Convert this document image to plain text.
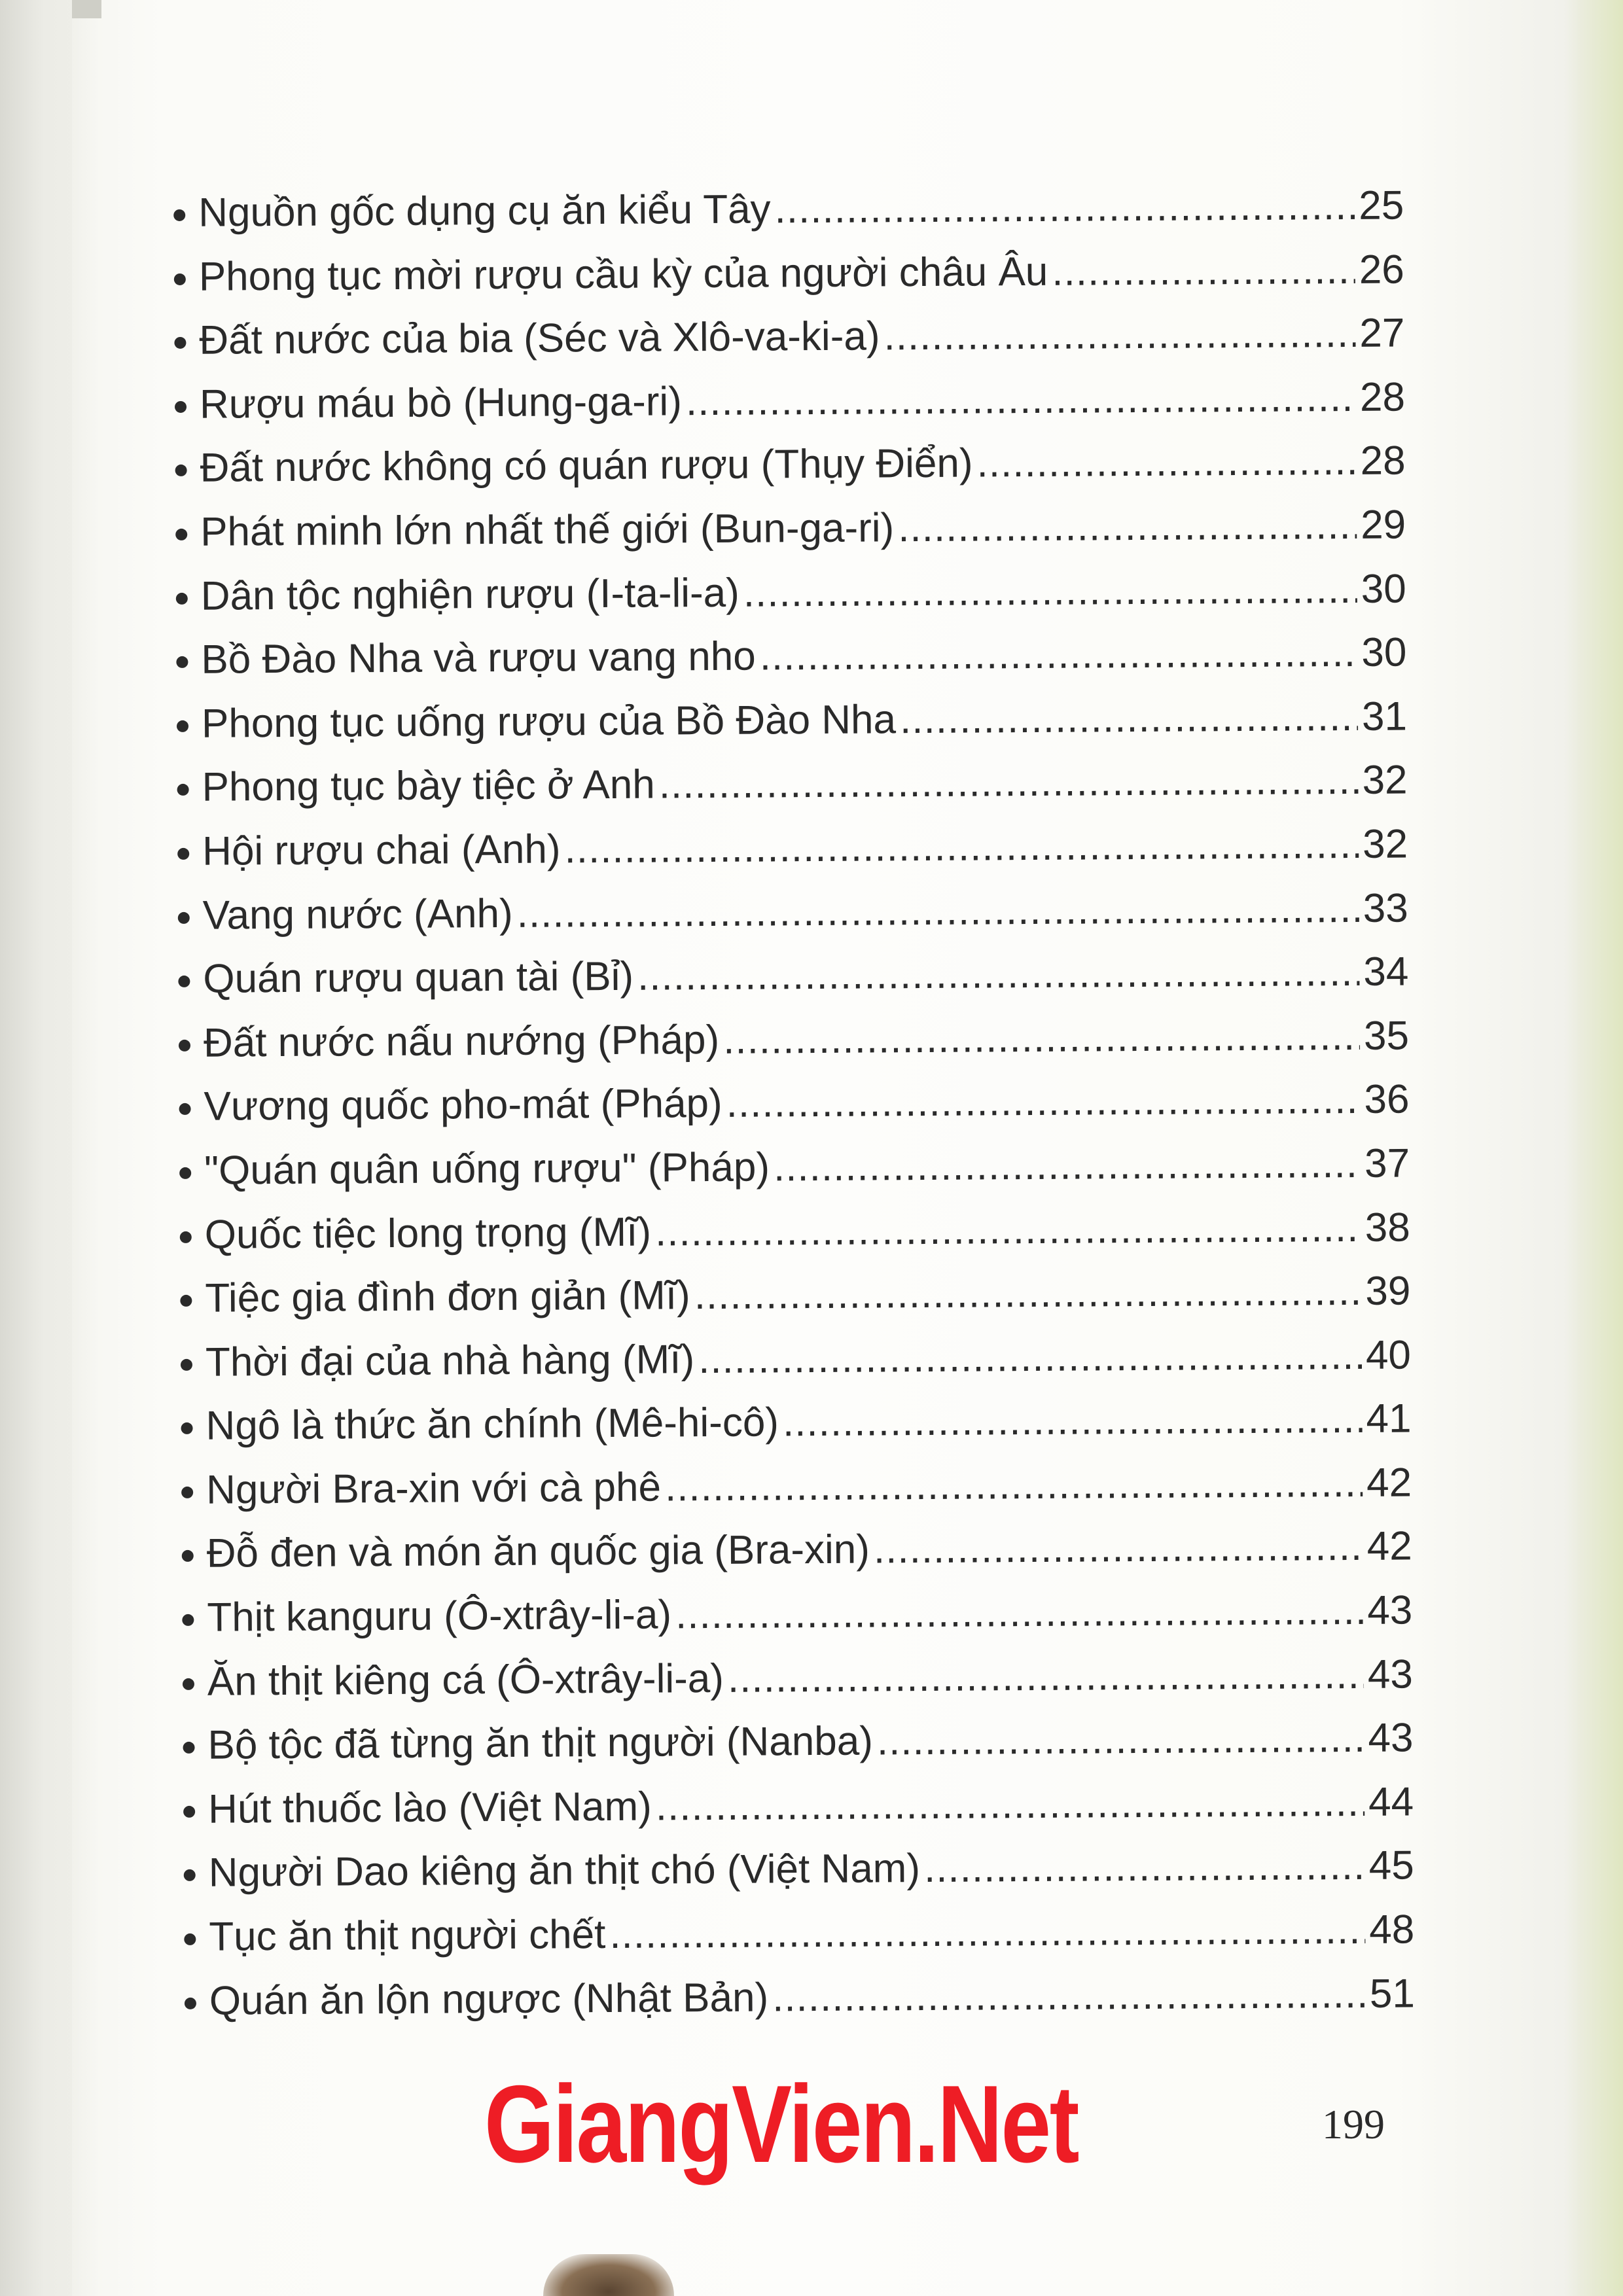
Nguồn gốc dụng cụ ăn kiểu Tây .....	25
Phong tục mời rượu cầu kỳ của người châu Âu .....	26
Đất nước của bia (Séc và Xlô-va-ki-a) .....	27
Rượu máu bò (Hung-ga-ri) .....	28
Đất nước không có quán rượu (Thụy Điển) .....	28
Phát minh lớn nhất thế giới (Bun-ga-ri) .....	29
Dân tộc nghiện rượu (I-ta-li-a) .....	30
Bồ Đào Nha và rượu vang nho .....	30
Phong tục uống rượu của Bồ Đào Nha .....	31
Phong tục bày tiệc ở Anh .....	32
Hội rượu chai (Anh) .....	32
Vang nước (Anh) .....	33
Quán rượu quan tài (Bỉ) .....	34
Đất nước nấu nướng (Pháp) .....	35
Vương quốc pho-mát (Pháp) .....	36
"Quán quân uống rượu" (Pháp) .....	37
Quốc tiệc long trọng (Mĩ) .....	38
Tiệc gia đình đơn giản (Mĩ) .....	39
Thời đại của nhà hàng (Mĩ) .....	40
Ngô là thức ăn chính (Mê-hi-cô) .....	41
Người Bra-xin với cà phê .....	42
Đỗ đen và món ăn quốc gia (Bra-xin) .....	42
Thịt kanguru (Ô-xtrây-li-a) .....	43
Ăn thịt kiêng cá (Ô-xtrây-li-a) .....	43
Bộ tộc đã từng ăn thịt người (Nanba) .....	43
Hút thuốc lào (Việt Nam) .....	44
Người Dao kiêng ăn thịt chó (Việt Nam) .....	45
Tục ăn thịt người chết .....	48
Quán ăn lộn ngược (Nhật Bản) .....	51
GiangVien.Net	199
